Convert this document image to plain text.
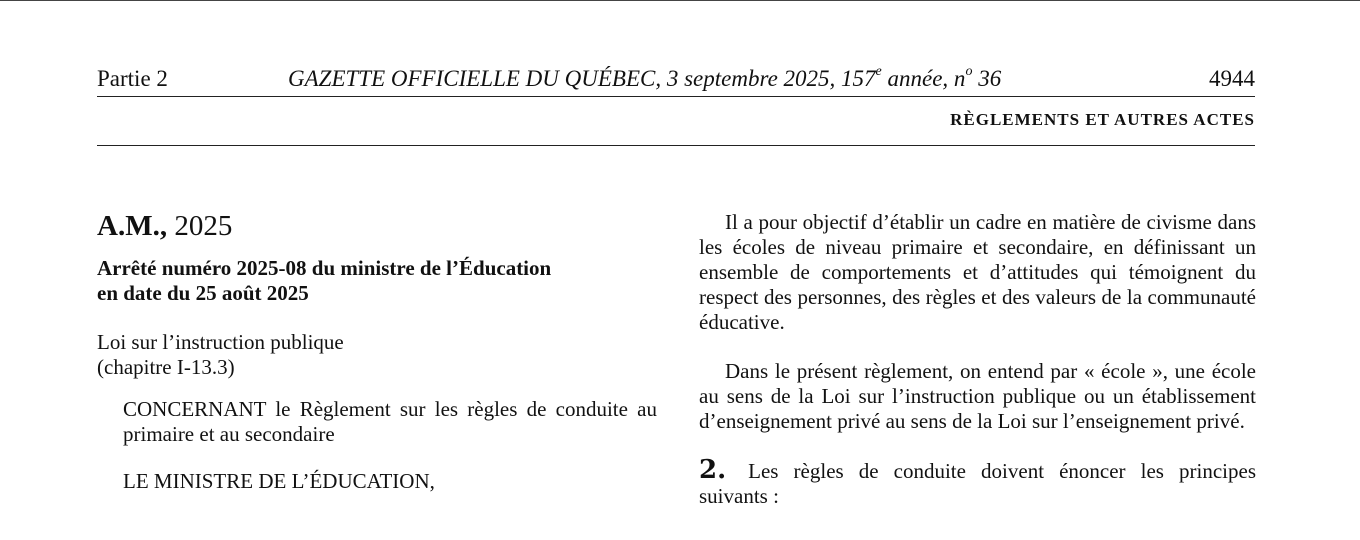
Partie 2	GAZETTE OFFICIELLE DU QUÉBEC, 3 septembre 2025, 157e année, $n^o$ 36	4944
RÈGLEMENTS ET AUTRES ACTES

A.M., 2025

Arrêté numéro 2025-08 du ministre de l’Éducation
en date du 25 août 2025

Loi sur l’instruction publique
(chapitre I-13.3)

CONCERNANT le Règlement sur les règles de conduite au primaire et au secondaire

LE MINISTRE DE L’ÉDUCATION,

Il a pour objectif d’établir un cadre en matière de civisme dans les écoles de niveau primaire et secondaire, en définissant un ensemble de comportements et d’attitudes qui témoignent du respect des personnes, des règles et des valeurs de la communauté éducative.

Dans le présent règlement, on entend par « école », une école au sens de la Loi sur l’instruction publique ou un établissement d’enseignement privé au sens de la Loi sur l’enseignement privé.

2. Les règles de conduite doivent énoncer les principes suivants :
